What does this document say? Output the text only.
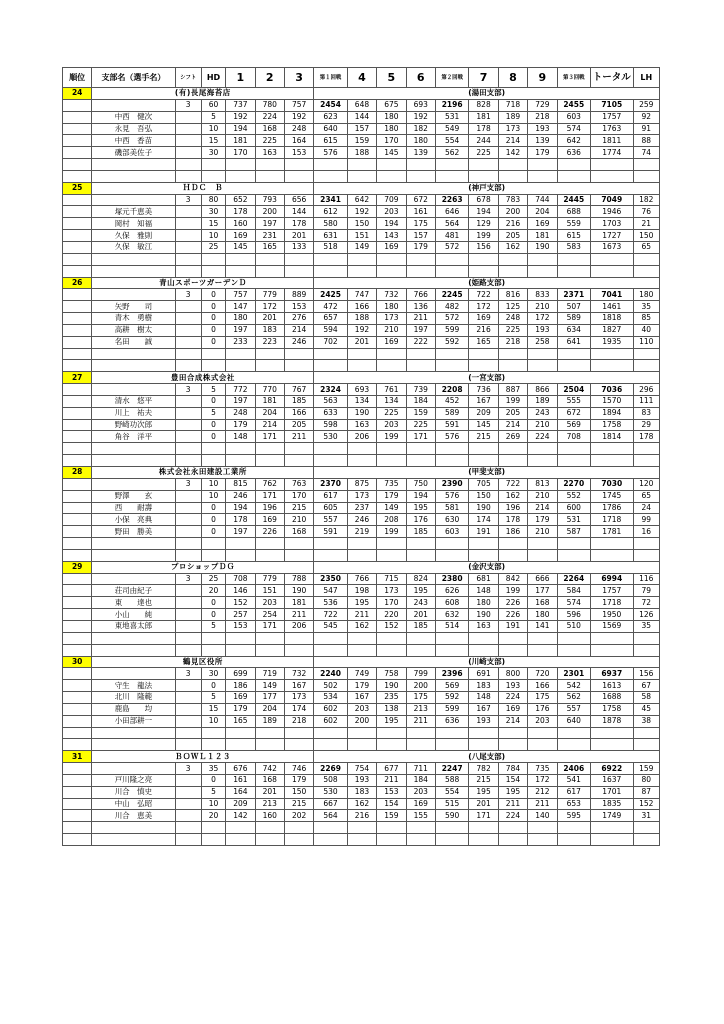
順位	支部名（選手名）	シフト	HD	1	2	3	第１回戦	4	5	6	第２回戦	7	8	9	第３回戦	トータル	LH
24	(有)長尾海苔店						(湯田支部)										
		3	60	737	780	757	2454	648	675	693	2196	828	718	729	2455	7105	259
	中西　健次		5	192	224	192	623	144	180	192	531	181	189	218	603	1757	92
	永見　吾弘		10	194	168	248	640	157	180	182	549	178	173	193	574	1763	91
	中西　香苗		15	181	225	164	615	159	170	180	554	244	214	139	642	1811	88
	磯部美佐子		30	170	163	153	576	188	145	139	562	225	142	179	636	1774	74

25	ＨＤＣ　Ｂ						(神戸支部)										
		3	80	652	793	656	2341	642	709	672	2263	678	783	744	2445	7049	182
	塚元千恵美		30	178	200	144	612	192	203	161	646	194	200	204	688	1946	76
	岡村　知福		15	160	197	178	580	150	194	175	564	129	216	169	559	1703	21
	久保　雅則		10	169	231	201	631	151	143	157	481	199	205	181	615	1727	150
	久保　敏江		25	145	165	133	518	149	169	179	572	156	162	190	583	1673	65

26	青山スポーツガーデンＤ						(姫路支部)										
		3	0	757	779	889	2425	747	732	766	2245	722	816	833	2371	7041	180
	矢野　　司		0	147	172	153	472	166	180	136	482	172	125	210	507	1461	35
	青木　勇樹		0	180	201	276	657	188	173	211	572	169	248	172	589	1818	85
	高耕　樹太		0	197	183	214	594	192	210	197	599	216	225	193	634	1827	40
	名田　　誠		0	233	223	246	702	201	169	222	592	165	218	258	641	1935	110

27	豊田合成株式会社						(一宮支部)										
		3	5	772	770	767	2324	693	761	739	2208	736	887	866	2504	7036	296
	清水　悠平		0	197	181	185	563	134	134	184	452	167	199	189	555	1570	111
	川上　祐夫		5	248	204	166	633	190	225	159	589	209	205	243	672	1894	83
	野崎功次郎		0	179	214	205	598	163	203	225	591	145	214	210	569	1758	29
	角谷　洋平		0	148	171	211	530	206	199	171	576	215	269	224	708	1814	178

28	株式会社永田建設工業所						(甲斐支部)										
		3	10	815	762	763	2370	875	735	750	2390	705	722	813	2270	7030	120
	野澤　　玄		10	246	171	170	617	173	179	194	576	150	162	210	552	1745	65
	西　　耐壽		0	194	196	215	605	237	149	195	581	190	196	214	600	1786	24
	小保　亮典		0	178	169	210	557	246	208	176	630	174	178	179	531	1718	99
	野田　勝美		0	197	226	168	591	219	199	185	603	191	186	210	587	1781	16

29	プロショップＤＧ						(金沢支部)										
		3	25	708	779	788	2350	766	715	824	2380	681	842	666	2264	6994	116
	荘司由紀子		20	146	151	190	547	198	173	195	626	148	199	177	584	1757	79
	東　　達也		0	152	203	181	536	195	170	243	608	180	226	168	574	1718	72
	小山　　純		0	257	254	211	722	211	220	201	632	190	226	180	596	1950	126
	東地喜太郎		5	153	171	206	545	162	152	185	514	163	191	141	510	1569	35

30	鶴見区役所						(川崎支部)										
		3	30	699	719	732	2240	749	758	799	2396	691	800	720	2301	6937	156
	守生　龍法		0	186	149	167	502	179	190	200	569	183	193	166	542	1613	67
	北川　隆範		5	169	177	173	534	167	235	175	592	148	224	175	562	1688	58
	鹿島　　均		15	179	204	174	602	203	138	213	599	167	169	176	557	1758	45
	小田部耕一		10	165	189	218	602	200	195	211	636	193	214	203	640	1878	38

31	ＢＯＷＬ１２３						(八尾支部)										
		3	35	676	742	746	2269	754	677	711	2247	782	784	735	2406	6922	159
	戸川隆之亮		0	161	168	179	508	193	211	184	588	215	154	172	541	1637	80
	川合　慎史		5	164	201	150	530	183	153	203	554	195	195	212	617	1701	87
	中山　弘昭		10	209	213	215	667	162	154	169	515	201	211	211	653	1835	152
	川合　恵美		20	142	160	202	564	216	159	155	590	171	224	140	595	1749	31
